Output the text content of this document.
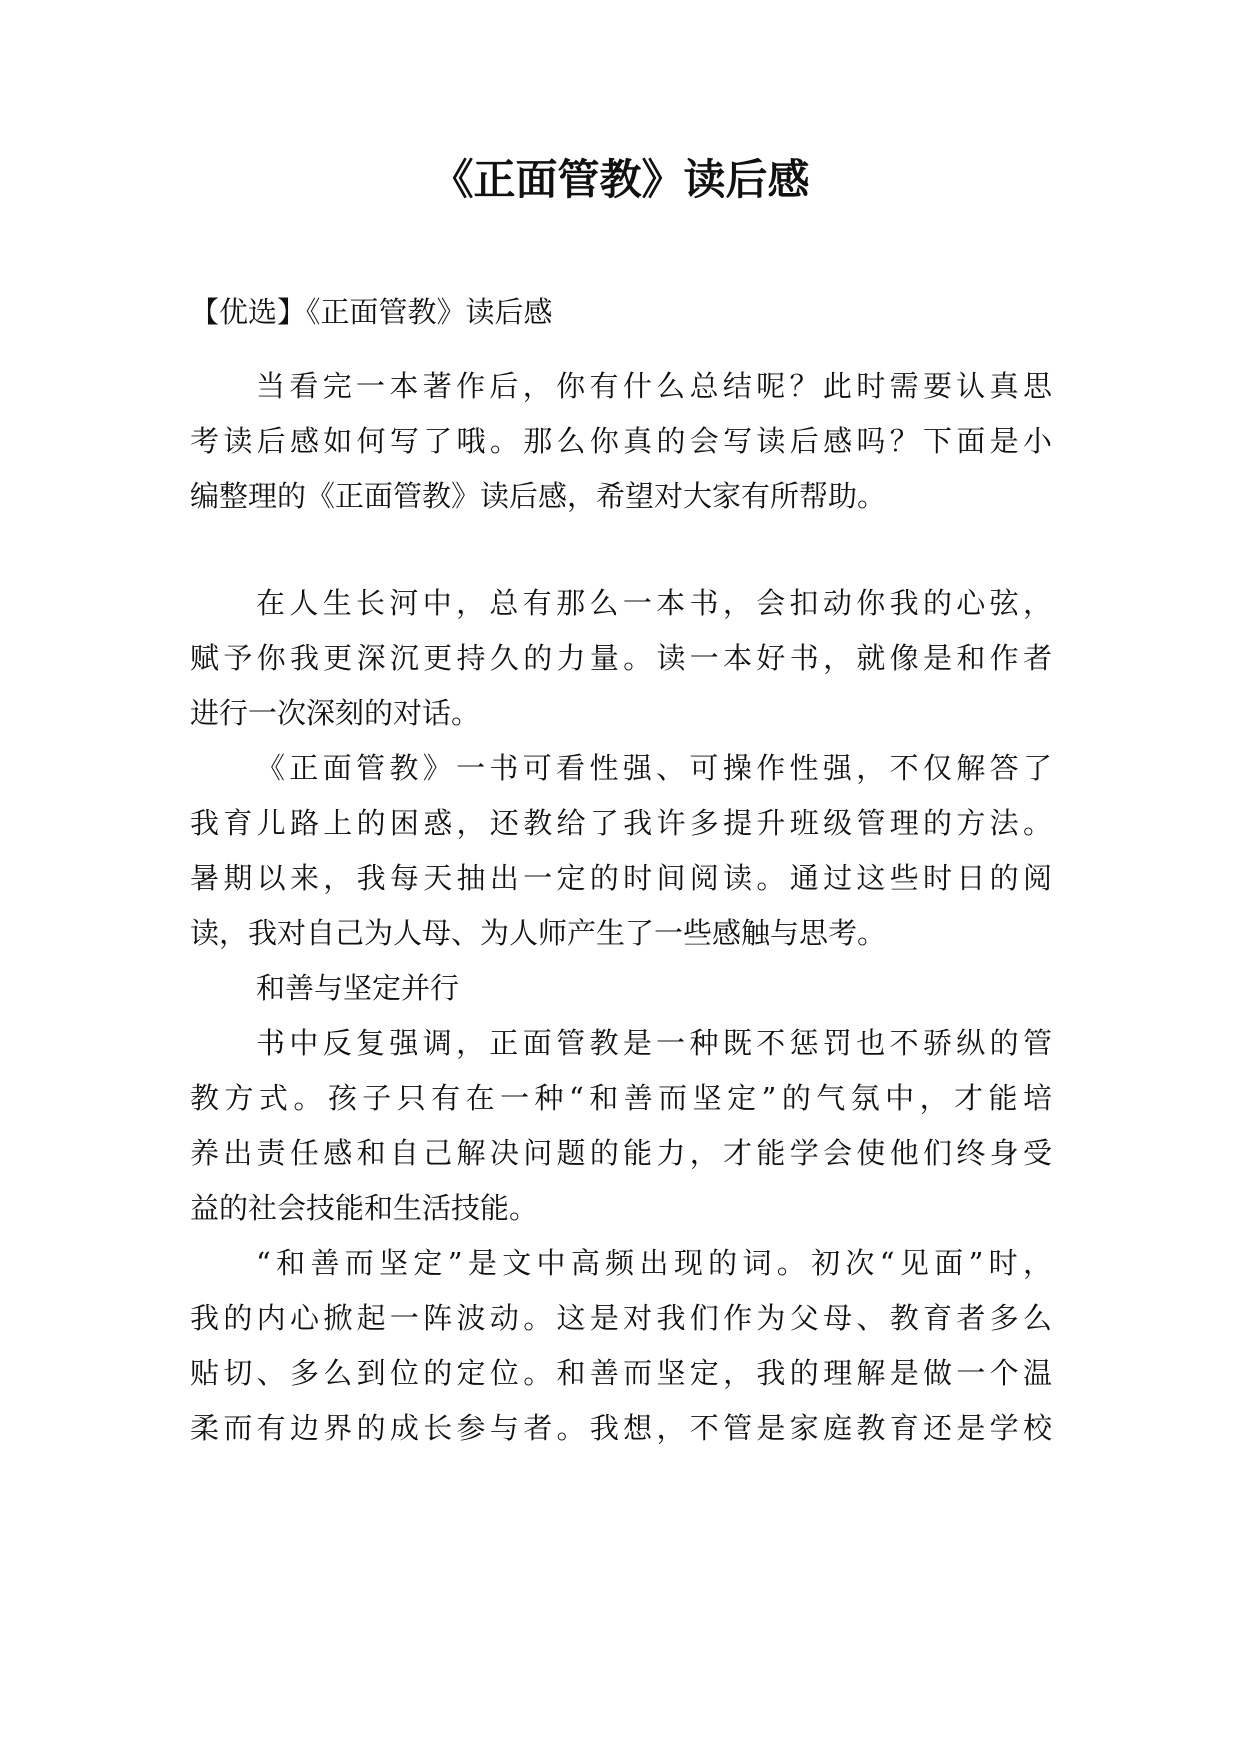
《正面管教》读后感

【优选】《正面管教》读后感

当看完一本著作后，你有什么总结呢？此时需要认真思

考读后感如何写了哦。那么你真的会写读后感吗？下面是小

编整理的《正面管教》读后感，希望对大家有所帮助。

在人生长河中，总有那么一本书，会扣动你我的心弦，

赋予你我更深沉更持久的力量。读一本好书，就像是和作者

进行一次深刻的对话。

《正面管教》一书可看性强、可操作性强，不仅解答了

我育儿路上的困惑，还教给了我许多提升班级管理的方法。

暑期以来，我每天抽出一定的时间阅读。通过这些时日的阅

读，我对自己为人母、为人师产生了一些感触与思考。

和善与坚定并行

书中反复强调，正面管教是一种既不惩罚也不骄纵的管

教方式。孩子只有在一种“和善而坚定”的气氛中，才能培

养出责任感和自己解决问题的能力，才能学会使他们终身受

益的社会技能和生活技能。

“和善而坚定”是文中高频出现的词。初次“见面”时，

我的内心掀起一阵波动。这是对我们作为父母、教育者多么

贴切、多么到位的定位。和善而坚定，我的理解是做一个温

柔而有边界的成长参与者。我想，不管是家庭教育还是学校
